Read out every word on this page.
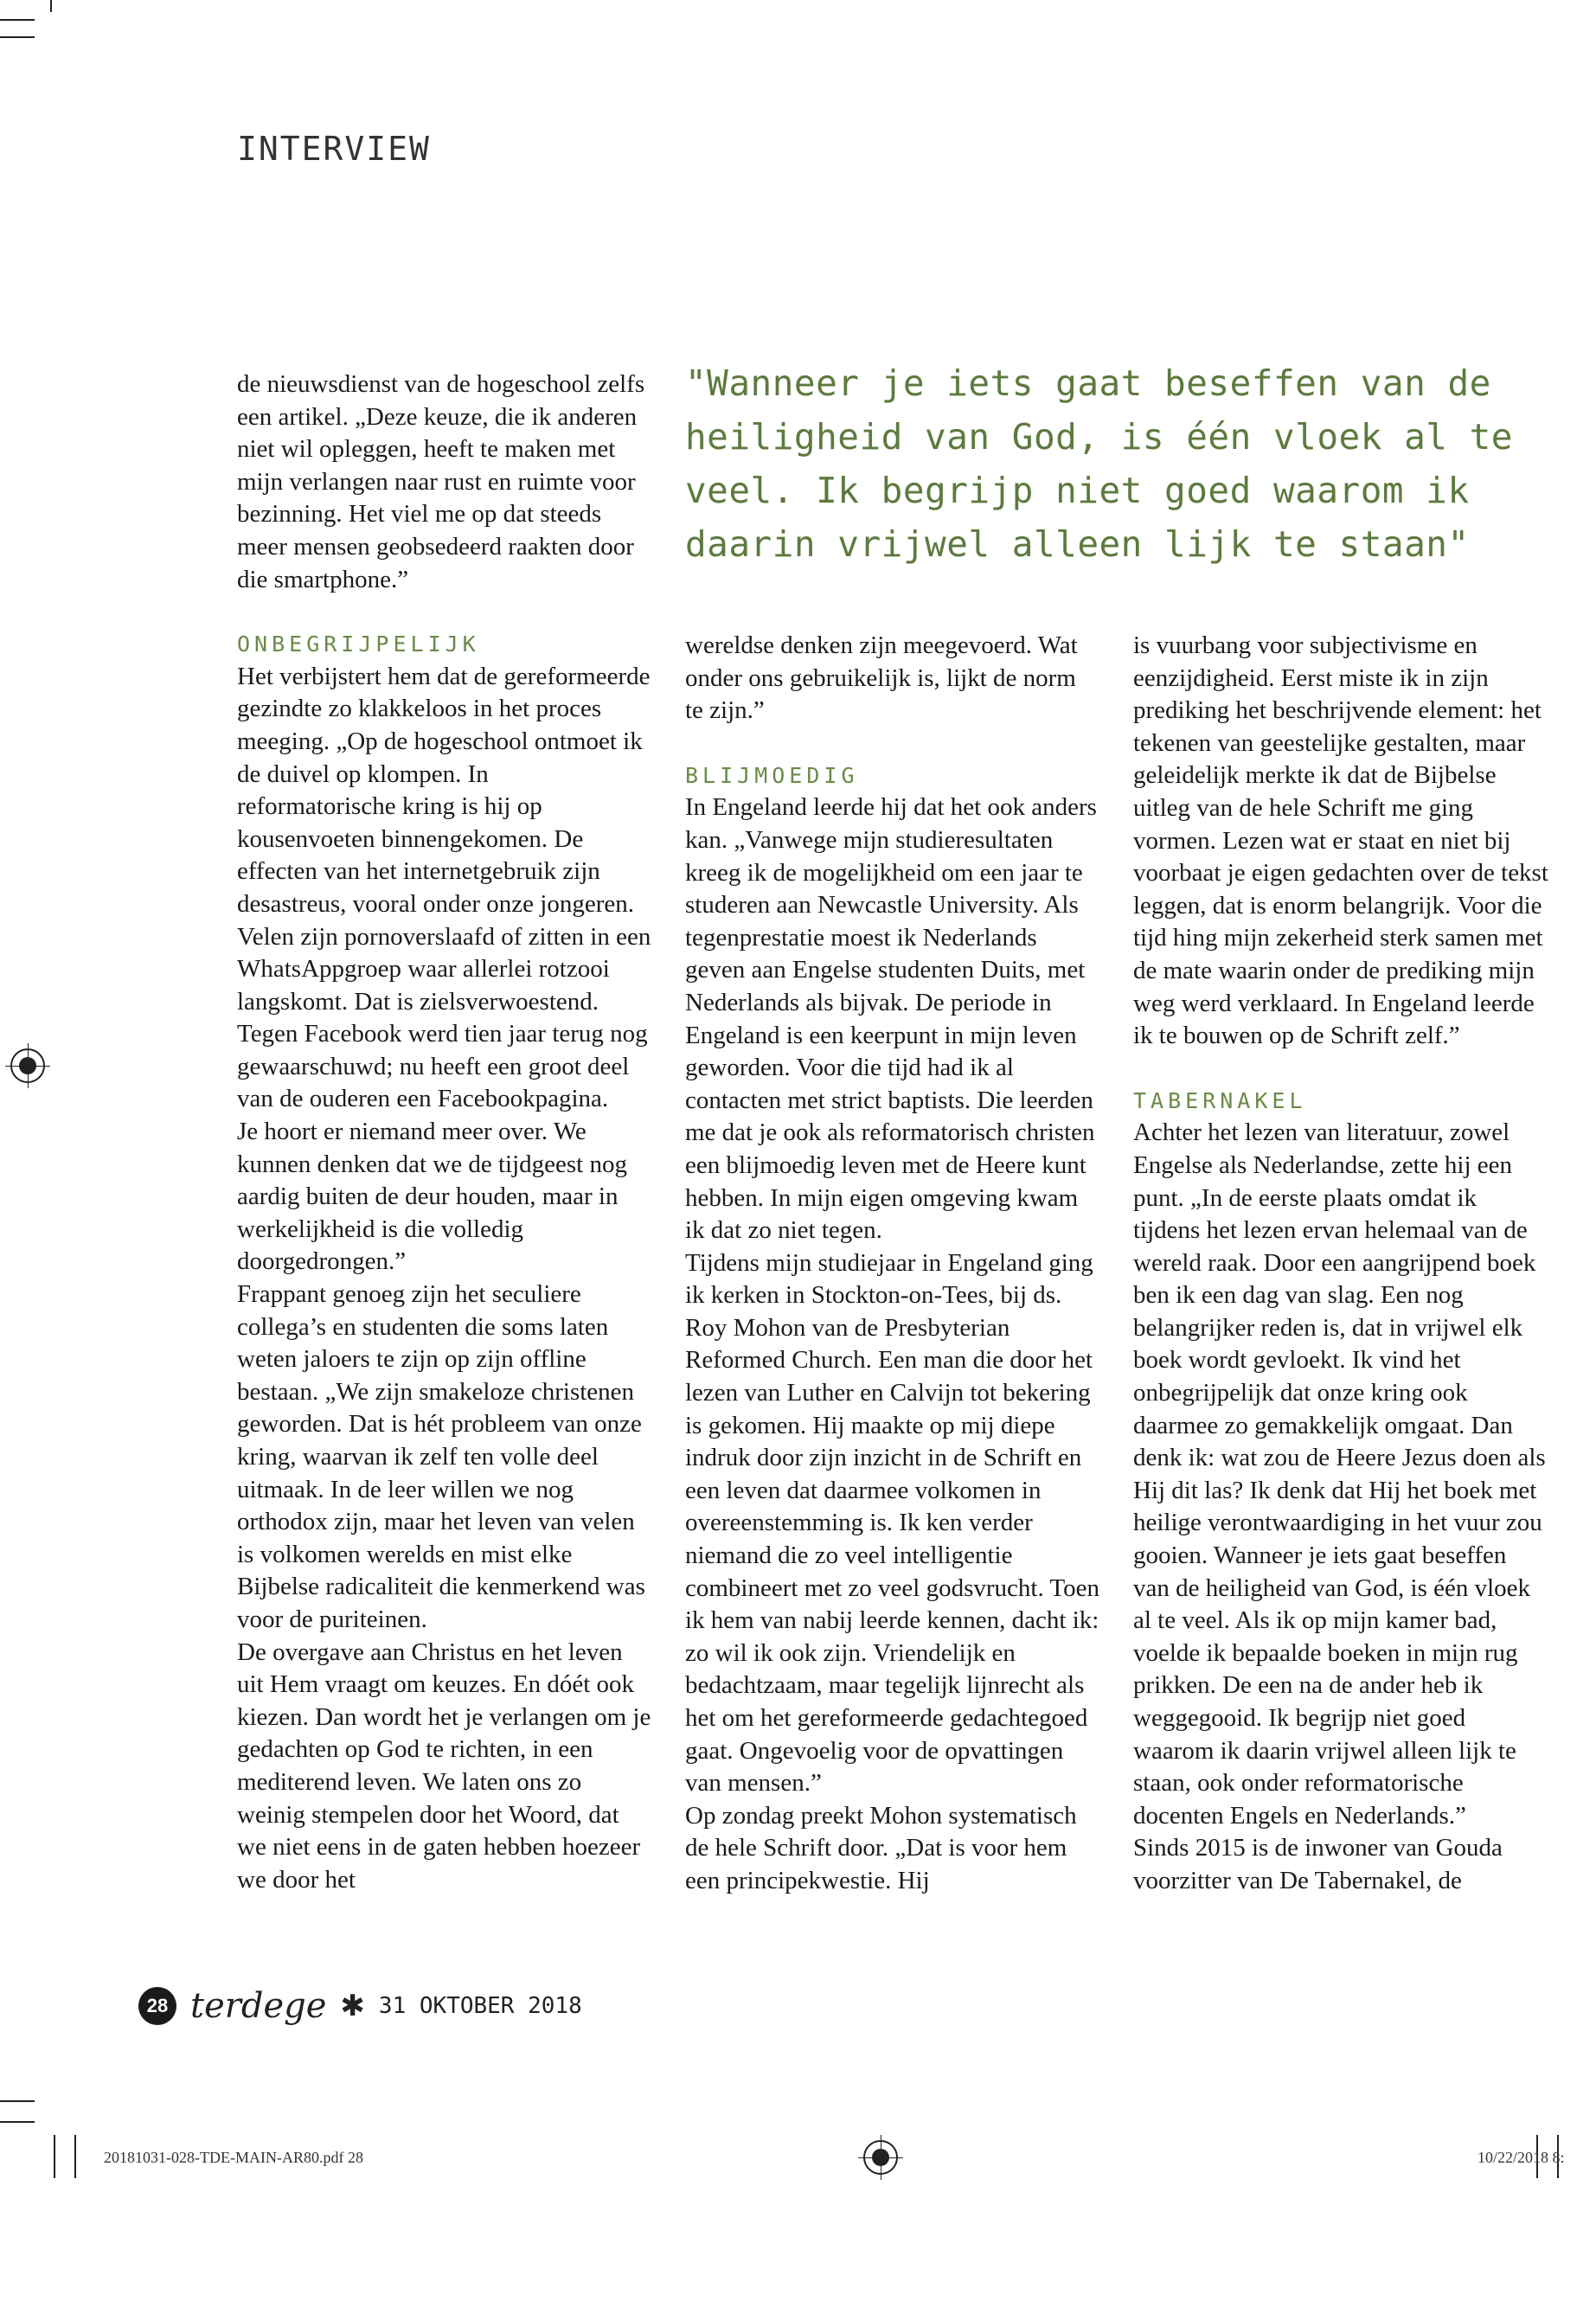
INTERVIEW
"Wanneer je iets gaat beseffen van de heiligheid van God, is één vloek al te veel. Ik begrijp niet goed waarom ik daarin vrijwel alleen lijk te staan"

de nieuwsdienst van de hogeschool zelfs een artikel. „Deze keuze, die ik anderen niet wil opleggen, heeft te maken met mijn verlangen naar rust en ruimte voor bezinning. Het viel me op dat steeds meer mensen geobsedeerd raakten door die smartphone.”

ONBEGRIJPELIJK

Het verbijstert hem dat de gereformeerde gezindte zo klakkeloos in het proces meeging. „Op de hogeschool ontmoet ik de duivel op klompen. In reformatorische kring is hij op kousenvoeten binnengekomen. De effecten van het internetgebruik zijn desastreus, vooral onder onze jongeren. Velen zijn pornoverslaafd of zitten in een WhatsAppgroep waar allerlei rotzooi langskomt. Dat is zielsverwoestend. Tegen Facebook werd tien jaar terug nog gewaarschuwd; nu heeft een groot deel van de ouderen een Facebookpagina.

Je hoort er niemand meer over. We kunnen denken dat we de tijdgeest nog aardig buiten de deur houden, maar in werkelijkheid is die volledig doorgedrongen.”

Frappant genoeg zijn het seculiere collega’s en studenten die soms laten weten jaloers te zijn op zijn offline bestaan. „We zijn smakeloze christenen geworden. Dat is hét probleem van onze kring, waarvan ik zelf ten volle deel uitmaak. In de leer willen we nog orthodox zijn, maar het leven van velen is volkomen werelds en mist elke Bijbelse radicaliteit die kenmerkend was voor de puriteinen.

De overgave aan Christus en het leven uit Hem vraagt om keuzes. En dóét ook kiezen. Dan wordt het je verlangen om je gedachten op God te richten, in een mediterend leven. We laten ons zo weinig stempelen door het Woord, dat we niet eens in de gaten hebben hoezeer we door het

wereldse denken zijn meegevoerd. Wat onder ons gebruikelijk is, lijkt de norm te zijn.”

BLIJMOEDIG

In Engeland leerde hij dat het ook anders kan. „Vanwege mijn studieresultaten kreeg ik de mogelijkheid om een jaar te studeren aan Newcastle University. Als tegenprestatie moest ik Nederlands geven aan Engelse studenten Duits, met Nederlands als bijvak. De periode in Engeland is een keerpunt in mijn leven geworden. Voor die tijd had ik al contacten met strict baptists. Die leerden me dat je ook als reformatorisch christen een blijmoedig leven met de Heere kunt hebben. In mijn eigen omgeving kwam ik dat zo niet tegen.

Tijdens mijn studiejaar in Engeland ging ik kerken in Stockton-on-Tees, bij ds. Roy Mohon van de Presbyterian Reformed Church. Een man die door het lezen van Luther en Calvijn tot bekering is gekomen. Hij maakte op mij diepe indruk door zijn inzicht in de Schrift en een leven dat daarmee volkomen in overeenstemming is. Ik ken verder niemand die zo veel intelligentie combineert met zo veel godsvrucht. Toen ik hem van nabij leerde kennen, dacht ik: zo wil ik ook zijn. Vriendelijk en bedachtzaam, maar tegelijk lijnrecht als het om het gereformeerde gedachtegoed gaat. Ongevoelig voor de opvattingen van mensen.”

Op zondag preekt Mohon systematisch de hele Schrift door. „Dat is voor hem een principekwestie. Hij

is vuurbang voor subjectivisme en eenzijdigheid. Eerst miste ik in zijn prediking het beschrijvende element: het tekenen van geestelijke gestalten, maar geleidelijk merkte ik dat de Bijbelse uitleg van de hele Schrift me ging vormen. Lezen wat er staat en niet bij voorbaat je eigen gedachten over de tekst leggen, dat is enorm belangrijk. Voor die tijd hing mijn zekerheid sterk samen met de mate waarin onder de prediking mijn weg werd verklaard. In Engeland leerde ik te bouwen op de Schrift zelf.”

TABERNAKEL

Achter het lezen van literatuur, zowel Engelse als Nederlandse, zette hij een punt. „In de eerste plaats omdat ik tijdens het lezen ervan helemaal van de wereld raak. Door een aangrijpend boek ben ik een dag van slag. Een nog belangrijker reden is, dat in vrijwel elk boek wordt gevloekt. Ik vind het onbegrijpelijk dat onze kring ook daarmee zo gemakkelijk omgaat. Dan denk ik: wat zou de Heere Jezus doen als Hij dit las? Ik denk dat Hij het boek met heilige verontwaardiging in het vuur zou gooien. Wanneer je iets gaat beseffen van de heiligheid van God, is één vloek al te veel. Als ik op mijn kamer bad, voelde ik bepaalde boeken in mijn rug prikken. De een na de ander heb ik weggegooid. Ik begrijp niet goed waarom ik daarin vrijwel alleen lijk te staan, ook onder reformatorische docenten Engels en Nederlands.”

Sinds 2015 is de inwoner van Gouda voorzitter van De Tabernakel, de

28 terdege ✱ 31 OKTOBER 2018
20181031-028-TDE-MAIN-AR80.pdf 28	10/22/2018 8:
